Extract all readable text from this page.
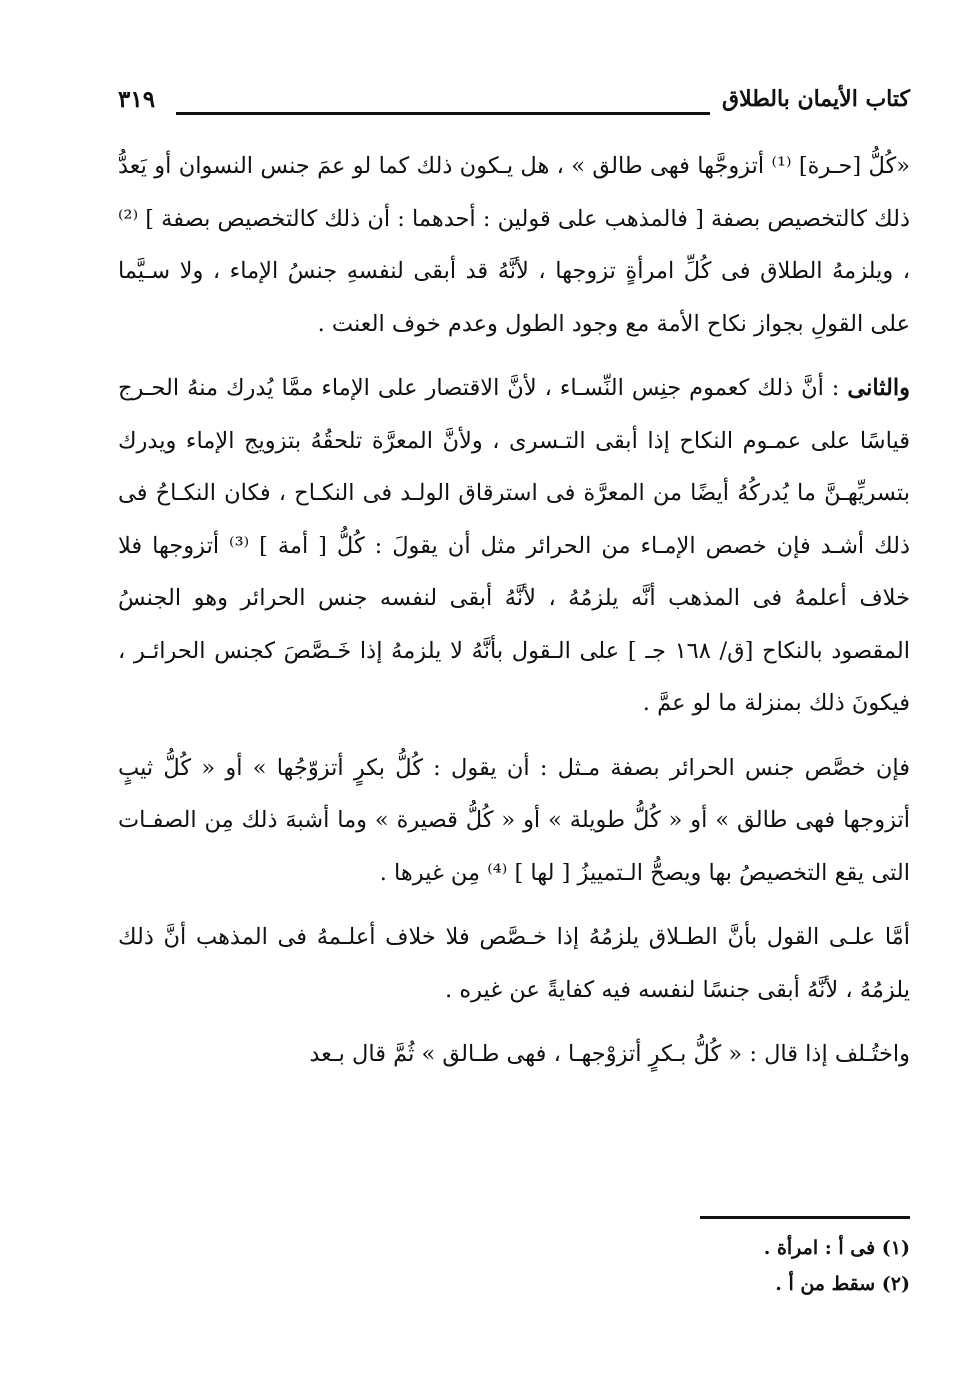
كتاب الأيمان بالطلاق
٣١٩

«كُلُّ [حـرة] ⁽¹⁾ أتزوجَّها فهى طالق » ، هل يـكون ذلك كما لو عمَ جنس النسوان أو يَعدُّ ذلك كالتخصيص بصفة [ فالمذهب على قولين : أحدهما : أن ذلك كالتخصيص بصفة ] ⁽²⁾ ، ويلزمهُ الطلاق فى كُلِّ امرأةٍ تزوجها ، لأنَّهُ قد أبقى لنفسهِ جنسُ الإماء ، ولا سـيَّما على القولِ بجواز نكاح الأمة مع وجود الطول وعدم خوف العنت .

والثانى : أنَّ ذلك كعموم جنِس النِّسـاء ، لأنَّ الاقتصار على الإماء ممَّا يُدرك منهُ الحـرج قياسًا على عمـوم النكاح إذا أبقى التـسرى ، ولأنَّ المعرَّة تلحقُهُ بتزويج الإماء ويدرك بتسريِّهـنَّ ما يُدركُهُ أيضًا من المعرَّة فى استرقاق الولـد فى النكـاح ، فكان النكـاحُ فى ذلك أشـد فإن خصص الإمـاء من الحرائر مثل أن يقولَ : كُلُّ [ أمة ] ⁽³⁾ أتزوجها فلا خلاف أعلمهُ فى المذهب أنَّه يلزمُهُ ، لأنَّهُ أبقى لنفسه جنس الحرائر وهو الجنسُ المقصود بالنكاح [ق/ ١٦٨ جـ ] على الـقول بأنَّهُ لا يلزمهُ إذا خَـصَّصَ كجنس الحرائـر ، فيكونَ ذلك بمنزلة ما لو عمَّ .

فإن خصَّص جنس الحرائر بصفة مـثل : أن يقول : كُلُّ بكرٍ أتزوّجُها » أو « كُلُّ ثيبٍ أتزوجها فهى طالق » أو « كُلُّ طويلة » أو « كُلُّ قصيرة » وما أشبهَ ذلك مِن الصفـات التى يقع التخصيصُ بها ويصحُّ الـتمييزُ [ لها ] ⁽⁴⁾ مِن غيرها .

أمَّا علـى القول بأنَّ الطـلاق يلزمُهُ إذا خـصَّص فلا خلاف أعلـمهُ فى المذهب أنَّ ذلك يلزمُهُ ، لأنَّهُ أبقى جنسًا لنفسه فيه كفايةً عن غيره .

واختُـلف إذا قال : « كُلُّ بـكرٍ أتزوْجهـا ، فهى طـالق » ثُمَّ قال بـعد

(١) فى أ : امرأة .
(٢) سقط من أ .
